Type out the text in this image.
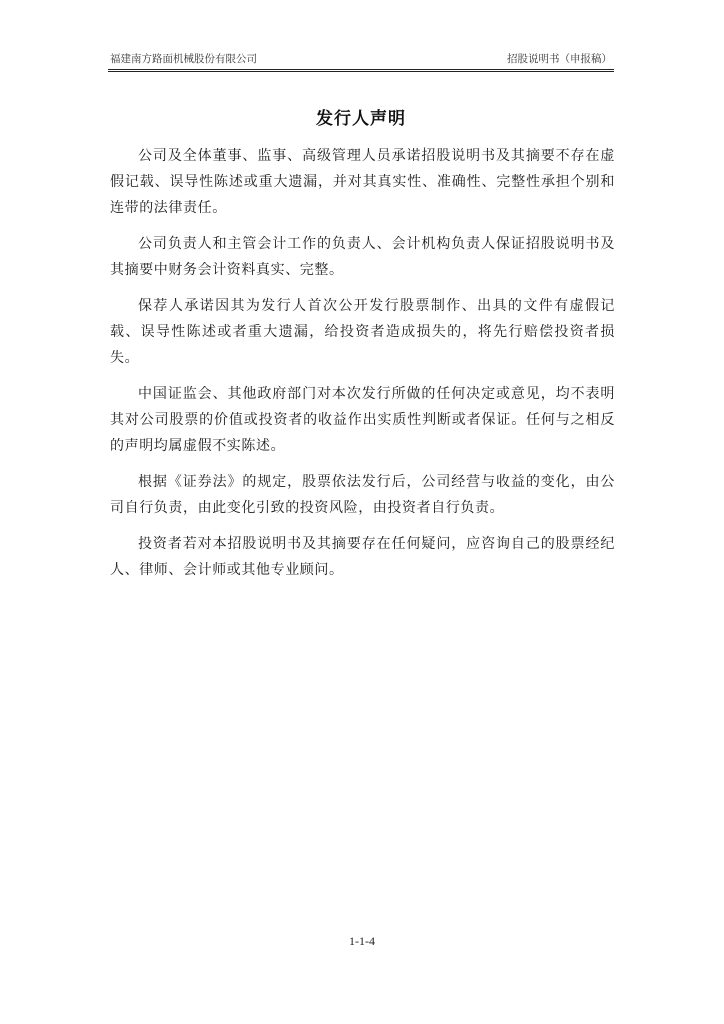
福建南方路面机械股份有限公司	招股说明书（申报稿）
发行人声明

公司及全体董事、监事、高级管理人员承诺招股说明书及其摘要不存在虚假记载、误导性陈述或重大遗漏，并对其真实性、准确性、完整性承担个别和连带的法律责任。

公司负责人和主管会计工作的负责人、会计机构负责人保证招股说明书及其摘要中财务会计资料真实、完整。

保荐人承诺因其为发行人首次公开发行股票制作、出具的文件有虚假记载、误导性陈述或者重大遗漏，给投资者造成损失的，将先行赔偿投资者损失。

中国证监会、其他政府部门对本次发行所做的任何决定或意见，均不表明其对公司股票的价值或投资者的收益作出实质性判断或者保证。任何与之相反的声明均属虚假不实陈述。

根据《证券法》的规定，股票依法发行后，公司经营与收益的变化，由公司自行负责，由此变化引致的投资风险，由投资者自行负责。

投资者若对本招股说明书及其摘要存在任何疑问，应咨询自己的股票经纪人、律师、会计师或其他专业顾问。

1-1-4
